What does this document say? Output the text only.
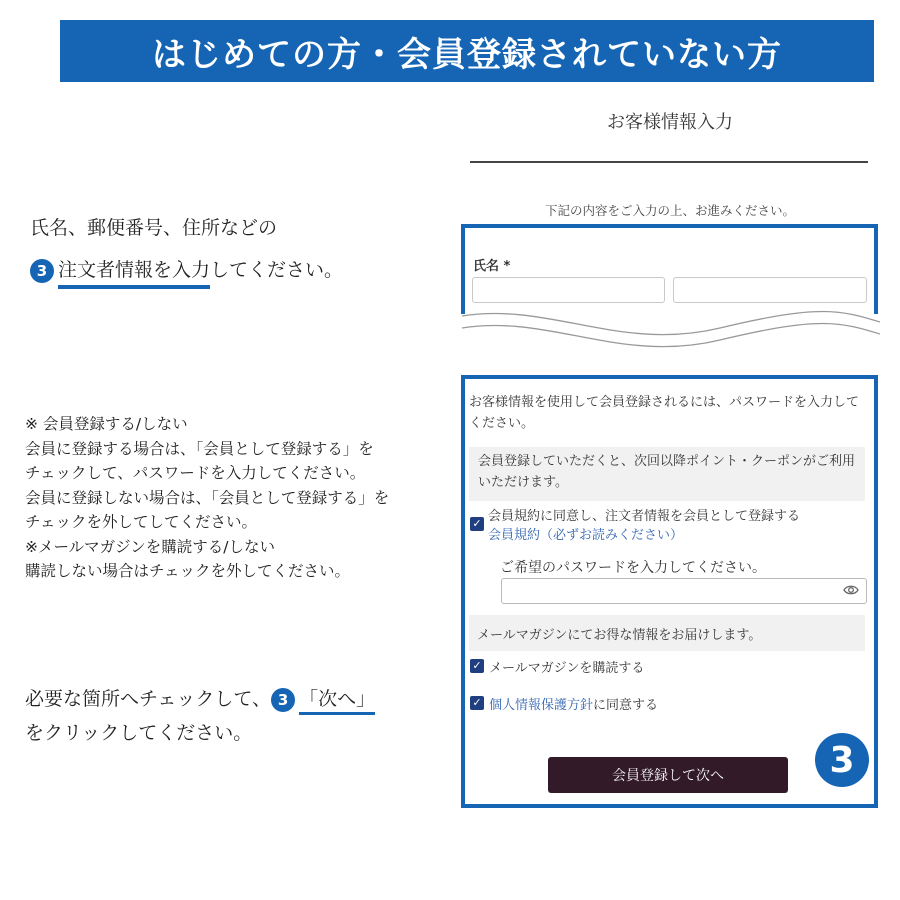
はじめての方・会員登録されていない方
氏名、郵便番号、住所などの
3 注文者情報を入力してください。
※ 会員登録する/しない
会員に登録する場合は、「会員として登録する」を
チェックして、パスワードを入力してください。
会員に登録しない場合は、「会員として登録する」を
チェックを外してしてください。
※メールマガジンを購読する/しない
購読しない場合はチェックを外してください。
必要な箇所へチェックして、 3 「次へ」
をクリックしてください。
お客様情報入力
下記の内容をご入力の上、お進みください。
氏名 *
お客様情報を使用して会員登録されるには、パスワードを入力してください。
会員登録していただくと、次回以降ポイント・クーポンがご利用いただけます。
✓ 会員規約に同意し、注文者情報を会員として登録する
会員規約（必ずお読みください）
ご希望のパスワードを入力してください。
メールマガジンにてお得な情報をお届けします。
✓ メールマガジンを購読する
✓ 個人情報保護方針に同意する
会員登録して次へ	3
